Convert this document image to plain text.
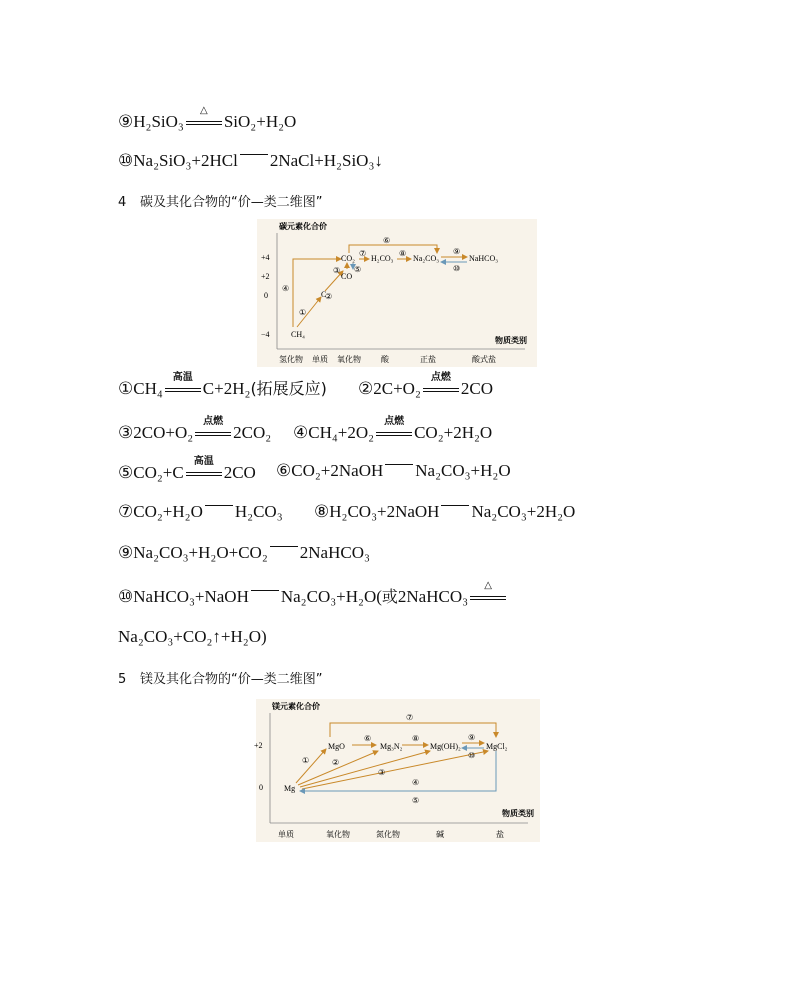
⑨H₂SiO₃
△
SiO₂+H₂O
⑩Na₂SiO₃+2HCl 2NaCl+H₂SiO₃↓
4 碳及其化合物的“价—类二维图”
碳元素化合价
+4
+2
0
−4
物质类别
氢化物 单质 氧化物	酸	正盐	酸式盐
CH₄
C
CO
CO₂ H₂CO₃ Na₂CO₃	NaHCO₃
①
②
③
④
⑤
⑥
⑦	⑧	⑨
⑩
①CH₄
高温
C+2H₂(拓展反应) ②2C+O₂
点燃
2CO
③2CO+O₂
点燃
2CO₂ ④CH₄+2O₂
点燃
CO₂+2H₂O
⑤CO₂+C
高温
2CO ⑥CO₂+2NaOH Na₂CO₃+H₂O
⑦CO₂+H₂O H₂CO₃ ⑧H₂CO₃+2NaOH Na₂CO₃+2H₂O
⑨Na₂CO₃+H₂O+CO₂ 2NaHCO₃
⑩NaHCO₃+NaOH Na₂CO₃+H₂O(或2NaHCO₃
△
Na₂CO₃+CO₂↑+H₂O)
5 镁及其化合物的“价—类二维图”
镁元素化合价
+2
0
物质类别
单质	氧化物	氮化物	碱	盐
Mg
MgO	Mg₃N₂	Mg(OH)₂	MgCl₂
①	②
③
④
⑤
⑥
⑦
⑧	⑨
⑩
